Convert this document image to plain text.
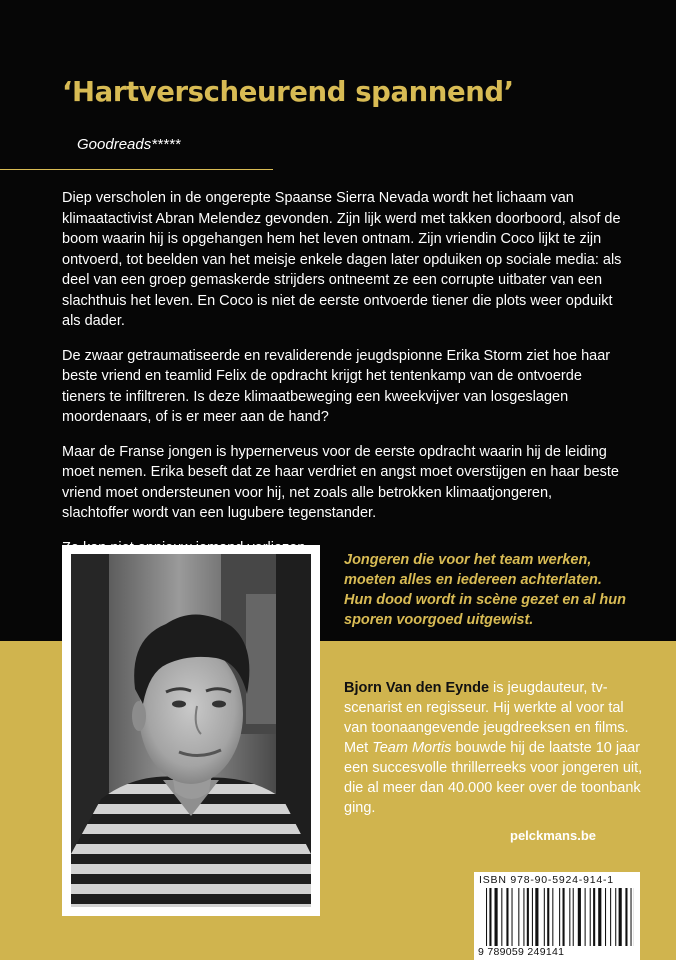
‘Hartverscheurend spannend’
Goodreads*****

Diep verscholen in de ongerepte Spaanse Sierra Nevada wordt het lichaam van klimaatactivist Abran Melendez gevonden. Zijn lijk werd met takken doorboord, alsof de boom waarin hij is opgehangen hem het leven ontnam. Zijn vriendin Coco lijkt te zijn ontvoerd, tot beelden van het meisje enkele dagen later opduiken op sociale media: als deel van een groep gemaskerde strijders ontneemt ze een corrupte uitbater van een slachthuis het leven. En Coco is niet de eerste ontvoerde tiener die plots weer opduikt als dader.

De zwaar getraumatiseerde en revaliderende jeugdspionne Erika Storm ziet hoe haar beste vriend en teamlid Felix de opdracht krijgt het tentenkamp van de ontvoerde tieners te infiltreren. Is deze klimaatbeweging een kweekvijver van losgeslagen moordenaars, of is er meer aan de hand?

Maar de Franse jongen is hypernerveus voor de eerste opdracht waarin hij de leiding moet nemen. Erika beseft dat ze haar verdriet en angst moet overstijgen en haar beste vriend moet ondersteunen voor hij, net zoals alle betrokken klimaatjongeren, slachtoffer wordt van een lugubere tegenstander.

Jongeren die voor het team werken, moeten alles en iedereen achterlaten. Hun dood wordt in scène gezet en al hun sporen voorgoed uitgewist.
Bjorn Van den Eynde is jeugdauteur, tv-scenarist en regisseur. Hij werkte al voor tal van toonaangevende jeugdreeksen en films. Met Team Mortis bouwde hij de laatste 10 jaar een succesvolle thrillerreeks voor jongeren uit, die al meer dan 40.000 keer over de toonbank ging.
pelckmans.be
ISBN 978-90-5924-914-1
9 789059 249141
